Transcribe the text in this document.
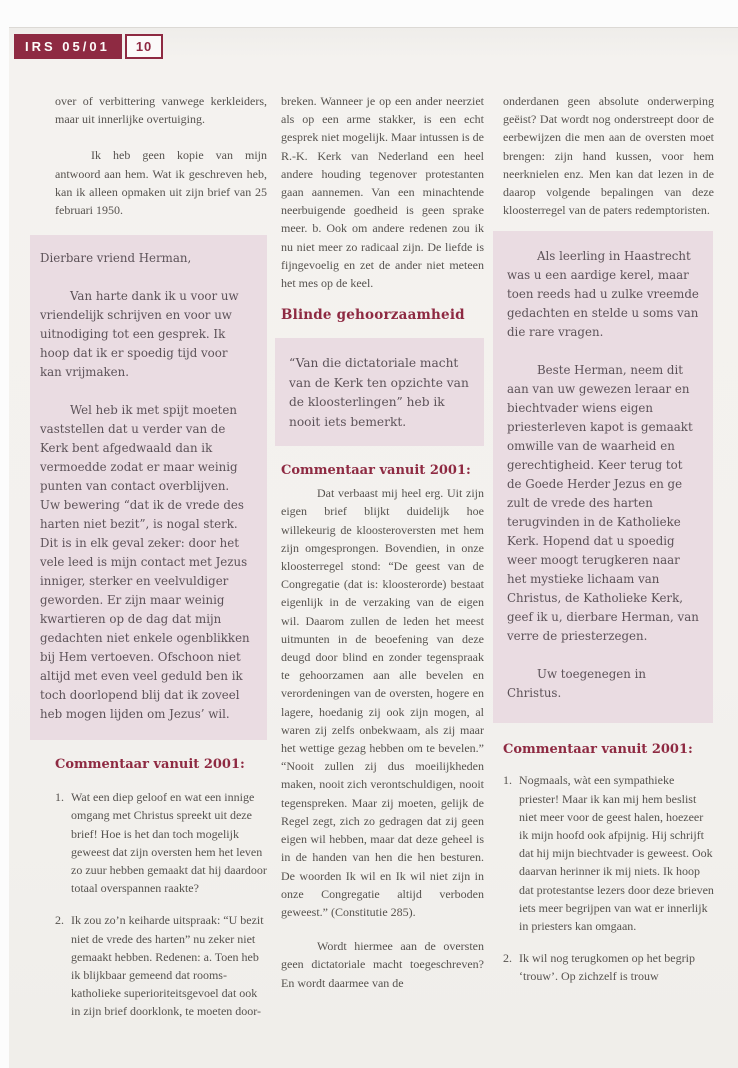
IRS 05/01	10

over of verbittering vanwege kerkleiders, maar uit innerlijke overtuiging.

Ik heb geen kopie van mijn antwoord aan hem. Wat ik geschreven heb, kan ik alleen opmaken uit zijn brief van 25 februari 1950.

Dierbare vriend Herman,

Van harte dank ik u voor uw vriendelijk schrijven en voor uw uitnodiging tot een gesprek. Ik hoop dat ik er spoedig tijd voor kan vrijmaken.

Wel heb ik met spijt moeten vaststellen dat u verder van de Kerk bent afgedwaald dan ik vermoedde zodat er maar weinig punten van contact overblijven. Uw bewering “dat ik de vrede des harten niet bezit”, is nogal sterk. Dit is in elk geval zeker: door het vele leed is mijn contact met Jezus inniger, sterker en veelvuldiger geworden. Er zijn maar weinig kwartieren op de dag dat mijn gedachten niet enkele ogenblikken bij Hem vertoeven. Ofschoon niet altijd met even veel geduld ben ik toch doorlopend blij dat ik zoveel heb mogen lijden om Jezus’ wil.

Commentaar vanuit 2001:
1. Wat een diep geloof en wat een innige omgang met Christus spreekt uit deze brief! Hoe is het dan toch mogelijk geweest dat zijn oversten hem het leven zo zuur hebben gemaakt dat hij daardoor totaal overspannen raakte?
2. Ik zou zo’n keiharde uitspraak: “U bezit niet de vrede des harten” nu zeker niet gemaakt hebben. Redenen: a. Toen heb ik blijkbaar gemeend dat rooms-katholieke superioriteitsgevoel dat ook in zijn brief doorklonk, te moeten door-

breken. Wanneer je op een ander neerziet als op een arme stakker, is een echt gesprek niet mogelijk. Maar intussen is de R.-K. Kerk van Nederland een heel andere houding tegenover protestanten gaan aannemen. Van een minachtende neerbuigende goedheid is geen sprake meer. b. Ook om andere redenen zou ik nu niet meer zo radicaal zijn. De liefde is fijngevoelig en zet de ander niet meteen het mes op de keel.

Blinde gehoorzaamheid

“Van die dictatoriale macht van de Kerk ten opzichte van de kloosterlingen” heb ik nooit iets bemerkt.

Commentaar vanuit 2001:

Dat verbaast mij heel erg. Uit zijn eigen brief blijkt duidelijk hoe willekeurig de kloosteroversten met hem zijn omgesprongen. Bovendien, in onze kloosterregel stond: “De geest van de Congregatie (dat is: kloosterorde) bestaat eigenlijk in de verzaking van de eigen wil. Daarom zullen de leden het meest uitmunten in de beoefening van deze deugd door blind en zonder tegenspraak te gehoorzamen aan alle bevelen en verordeningen van de oversten, hogere en lagere, hoedanig zij ook zijn mogen, al waren zij zelfs onbekwaam, als zij maar het wettige gezag hebben om te bevelen.” “Nooit zullen zij dus moeilijkheden maken, nooit zich verontschuldigen, nooit tegenspreken. Maar zij moeten, gelijk de Regel zegt, zich zo gedragen dat zij geen eigen wil hebben, maar dat deze geheel is in de handen van hen die hen besturen. De woorden Ik wil en Ik wil niet zijn in onze Congregatie altijd verboden geweest.” (Constitutie 285).

Wordt hiermee aan de oversten geen dictatoriale macht toegeschreven? En wordt daarmee van de

onderdanen geen absolute onderwerping geëist? Dat wordt nog onderstreept door de eerbewijzen die men aan de oversten moet brengen: zijn hand kussen, voor hem neerknielen enz. Men kan dat lezen in de daarop volgende bepalingen van deze kloosterregel van de paters redemptoristen.

Als leerling in Haastrecht was u een aardige kerel, maar toen reeds had u zulke vreemde gedachten en stelde u soms van die rare vragen.

Beste Herman, neem dit aan van uw gewezen leraar en biechtvader wiens eigen priesterleven kapot is gemaakt omwille van de waarheid en gerechtigheid. Keer terug tot de Goede Herder Jezus en ge zult de vrede des harten terugvinden in de Katholieke Kerk. Hopend dat u spoedig weer moogt terugkeren naar het mystieke lichaam van Christus, de Katholieke Kerk, geef ik u, dierbare Herman, van verre de priesterzegen.

Uw toegenegen in Christus.

Commentaar vanuit 2001:
1. Nogmaals, wàt een sympathieke priester! Maar ik kan mij hem beslist niet meer voor de geest halen, hoezeer ik mijn hoofd ook afpijnig. Hij schrijft dat hij mijn biechtvader is geweest. Ook daarvan herinner ik mij niets. Ik hoop dat protestantse lezers door deze brieven iets meer begrijpen van wat er innerlijk in priesters kan omgaan.
2. Ik wil nog terugkomen op het begrip ‘trouw’. Op zichzelf is trouw
